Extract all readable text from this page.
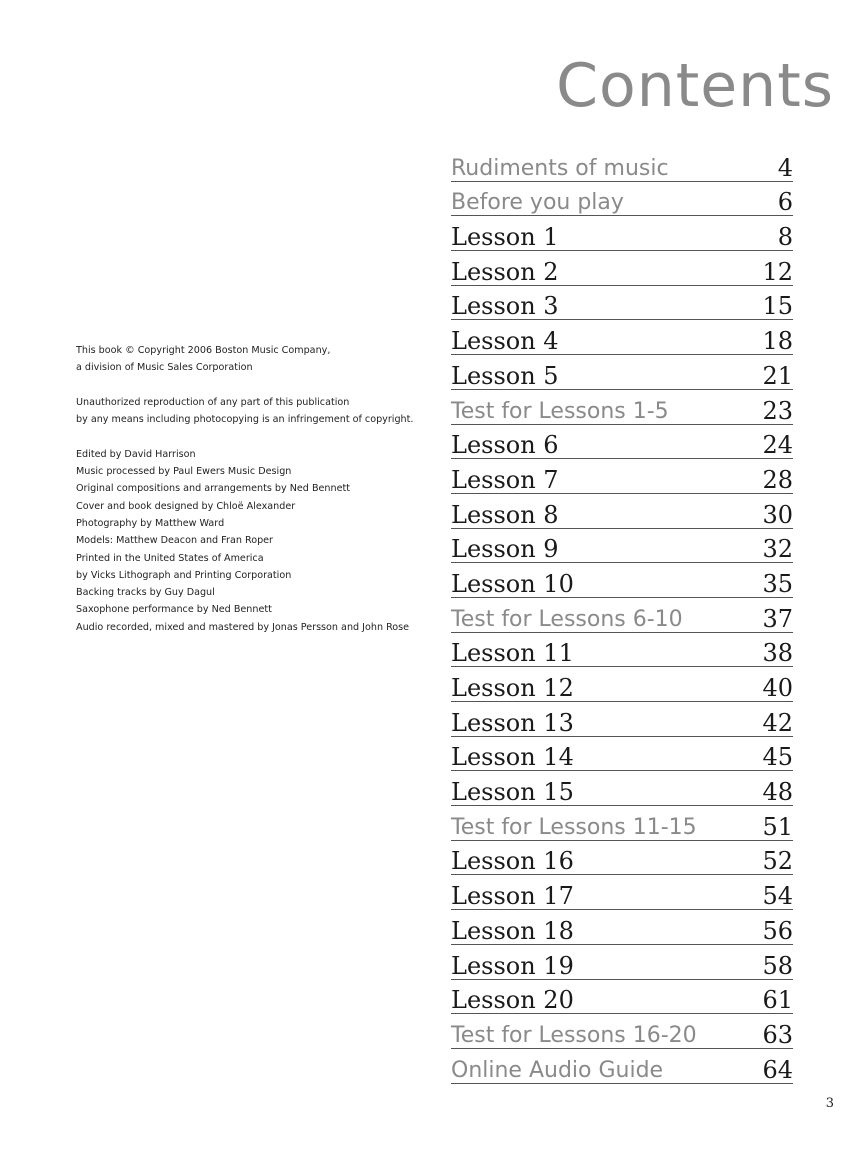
Contents
This book © Copyright 2006 Boston Music Company,
a division of Music Sales Corporation
Unauthorized reproduction of any part of this publication
by any means including photocopying is an infringement of copyright.
Edited by David Harrison
Music processed by Paul Ewers Music Design
Original compositions and arrangements by Ned Bennett
Cover and book designed by Chloë Alexander
Photography by Matthew Ward
Models: Matthew Deacon and Fran Roper
Printed in the United States of America
by Vicks Lithograph and Printing Corporation
Backing tracks by Guy Dagul
Saxophone performance by Ned Bennett
Audio recorded, mixed and mastered by Jonas Persson and John Rose
Rudiments of music	4
Before you play	6
Lesson 1	8
Lesson 2	12
Lesson 3	15
Lesson 4	18
Lesson 5	21
Test for Lessons 1-5	23
Lesson 6	24
Lesson 7	28
Lesson 8	30
Lesson 9	32
Lesson 10	35
Test for Lessons 6-10	37
Lesson 11	38
Lesson 12	40
Lesson 13	42
Lesson 14	45
Lesson 15	48
Test for Lessons 11-15	51
Lesson 16	52
Lesson 17	54
Lesson 18	56
Lesson 19	58
Lesson 20	61
Test for Lessons 16-20	63
Online Audio Guide	64
3
